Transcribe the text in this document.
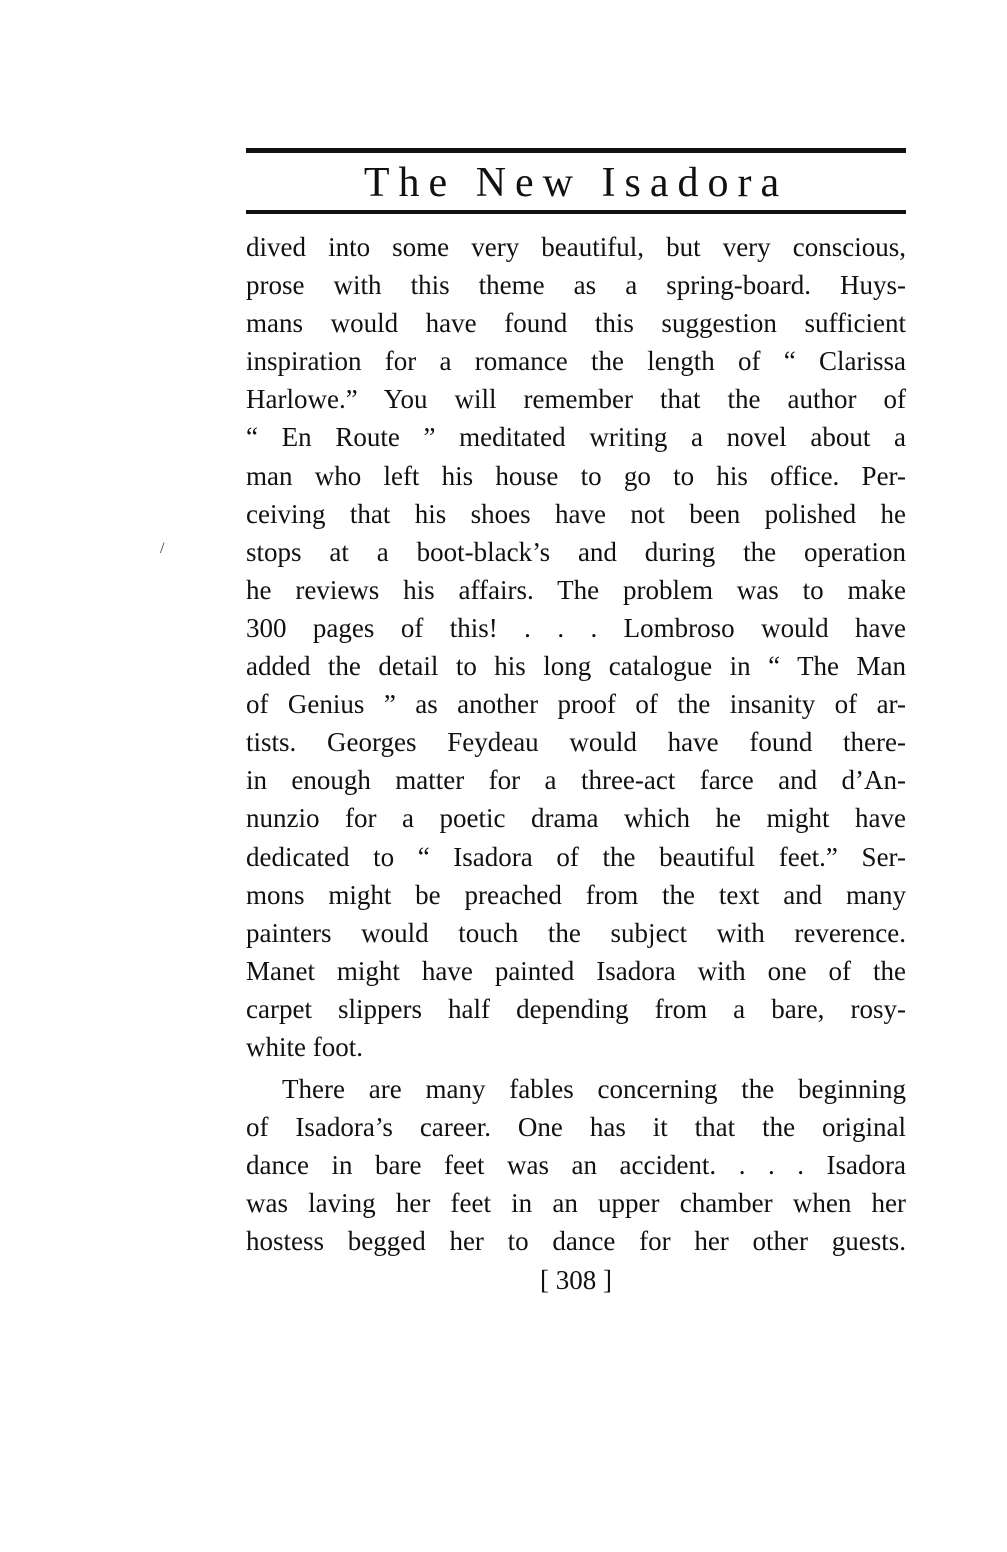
The New Isadora
/
dived into some very beautiful, but very conscious,
prose with this theme as a spring-board. Huys-
mans would have found this suggestion sufficient
inspiration for a romance the length of “ Clarissa
Harlowe.” You will remember that the author of
“ En Route ” meditated writing a novel about a
man who left his house to go to his office. Per-
ceiving that his shoes have not been polished he
stops at a boot-black’s and during the operation
he reviews his affairs. The problem was to make
300 pages of this! . . . Lombroso would have
added the detail to his long catalogue in “ The Man
of Genius ” as another proof of the insanity of ar-
tists. Georges Feydeau would have found there-
in enough matter for a three-act farce and d’An-
nunzio for a poetic drama which he might have
dedicated to “ Isadora of the beautiful feet.” Ser-
mons might be preached from the text and many
painters would touch the subject with reverence.
Manet might have painted Isadora with one of the
carpet slippers half depending from a bare, rosy-
white foot.
There are many fables concerning the beginning
of Isadora’s career. One has it that the original
dance in bare feet was an accident. . . . Isadora
was laving her feet in an upper chamber when her
hostess begged her to dance for her other guests.
[ 308 ]
